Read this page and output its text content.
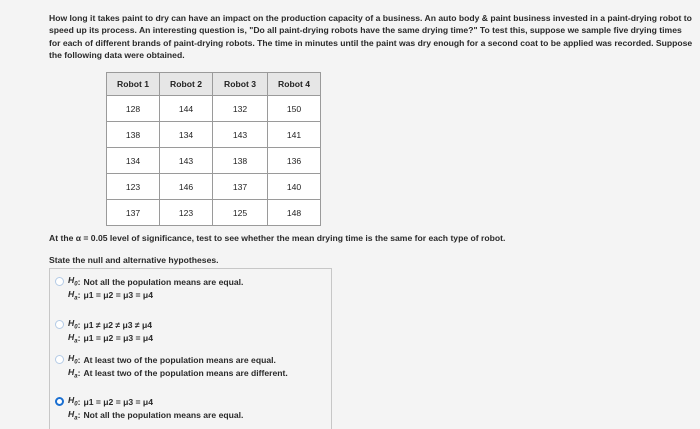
How long it takes paint to dry can have an impact on the production capacity of a business. An auto body & paint business invested in a paint-drying robot to speed up its process. An interesting question is, "Do all paint-drying robots have the same drying time?" To test this, suppose we sample five drying times for each of different brands of paint-drying robots. The time in minutes until the paint was dry enough for a second coat to be applied was recorded. Suppose the following data were obtained.
Robot 1	Robot 2	Robot 3	Robot 4
128	144	132	150
138	134	143	141
134	143	138	136
123	146	137	140
137	123	125	148
At the α = 0.05 level of significance, test to see whether the mean drying time is the same for each type of robot.
State the null and alternative hypotheses.
$H_0$ : Not all the population means are equal.
$H_a$ : μ1 = μ2 = μ3 = μ4
$H_0$ : μ1 ≠ μ2 ≠ μ3 ≠ μ4
$H_a$ : μ1 = μ2 = μ3 = μ4
$H_0$ : At least two of the population means are equal.
$H_a$ : At least two of the population means are different.
$H_0$ : μ1 = μ2 = μ3 = μ4
$H_a$ : Not all the population means are equal.
